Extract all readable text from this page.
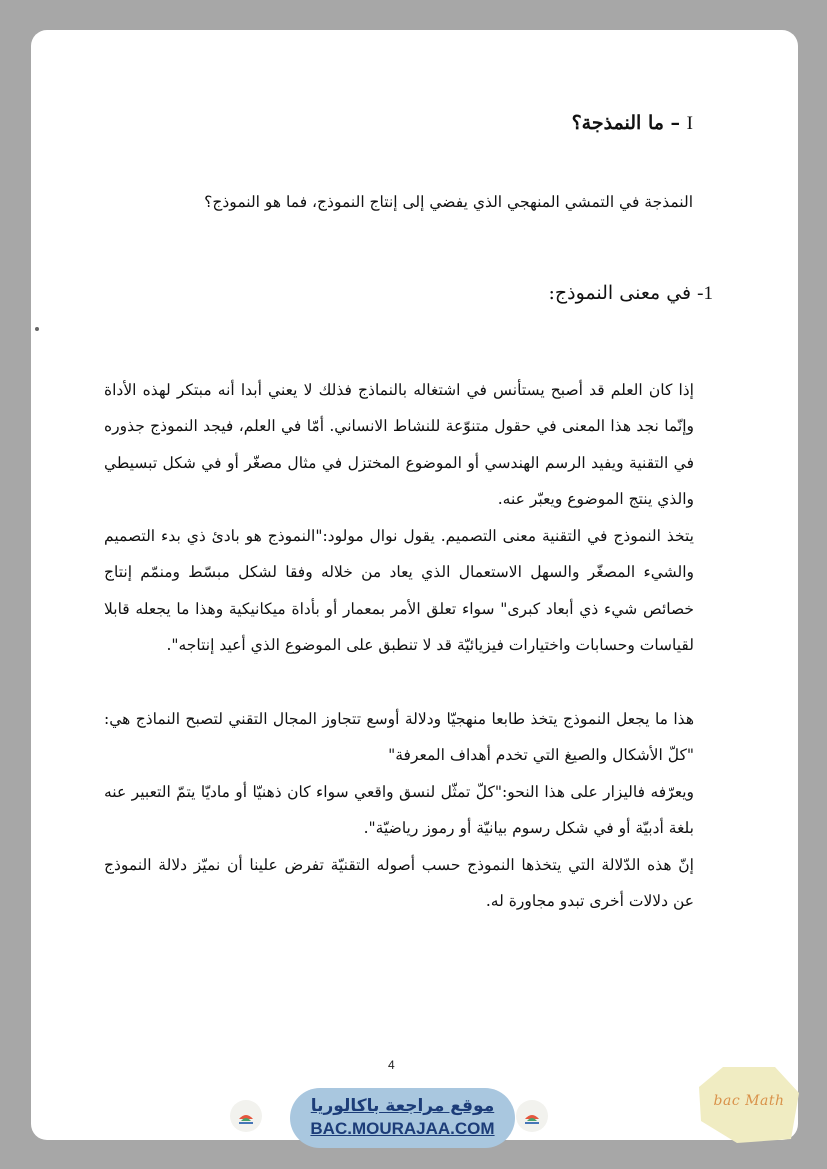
I – ما النمذجة؟
النمذجة في التمشي المنهجي الذي يفضي إلى إنتاج النموذج، فما هو النموذج؟
1- في معنى النموذج:

إذا كان العلم قد أصبح يستأنس في اشتغاله بالنماذج فذلك لا يعني أبدا أنه مبتكر لهذه الأداة وإنّما نجد هذا المعنى في حقول متنوّعة للنشاط الانساني. أمّا في العلم، فيجد النموذج جذوره في التقنية ويفيد الرسم الهندسي أو الموضوع المختزل في مثال مصغّر أو في شكل تبسيطي والذي ينتج الموضوع ويعبّر عنه.

يتخذ النموذج في التقنية معنى التصميم. يقول نوال مولود:"النموذج هو بادئ ذي بدء التصميم والشيء المصغّر والسهل الاستعمال الذي يعاد من خلاله وفقا لشكل مبسّط ومنمّم إنتاج خصائص شيء ذي أبعاد كبرى" سواء تعلق الأمر بمعمار أو بأداة ميكانيكية وهذا ما يجعله قابلا لقياسات وحسابات واختيارات فيزيائيّة قد لا تنطبق على الموضوع الذي أعيد إنتاجه".

هذا ما يجعل النموذج يتخذ طابعا منهجيّا ودلالة أوسع تتجاوز المجال التقني لتصبح النماذج هي: "كلّ الأشكال والصيغ التي تخدم أهداف المعرفة"

ويعرّفه فاليزار على هذا النحو:"كلّ تمثّل لنسق واقعي سواء كان ذهنيّا أو ماديّا يتمّ التعبير عنه بلغة أدبيّة أو في شكل رسوم بيانيّة أو رموز رياضيّة".

إنّ هذه الدّلالة التي يتخذها النموذج حسب أصوله التقنيّة تفرض علينا أن نميّز دلالة النموذج عن دلالات أخرى تبدو مجاورة له.

4
موقع مراجعة باكالوريا
BAC.MOURAJAA.COM
bac Math
